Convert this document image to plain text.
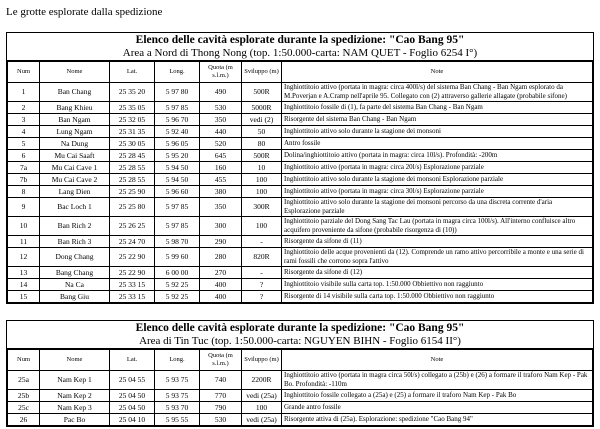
Le grotte esplorate dalla spedizione
Elenco delle cavità esplorate durante la spedizione: "Cao Bang 95"
Area a Nord di Thong Nong (top. 1:50.000-carta: NAM QUET - Foglio 6254 I°)
Num	Nome	Lat.	Long.	Quota (m s.l.m.)	Sviluppo (m)	Note
1	Ban Chang	25 35 20	5 97 80	490	500R	Inghiottitoio attivo (portata in magra: circa 400l/s) del sistema Ban Chang - Ban Ngam esplorato da M.Poverjan e A.Cramp nell'aprile 95. Collegato con (2) attraverso gallerie allagate (probabile sifone)
2	Bang Khieu	25 35 05	5 97 85	530	5000R	Inghiottitoio fossile di (1), fa parte del sistema Ban Chang - Ban Ngam
3	Ban Ngam	25 32 05	5 96 70	350	vedi (2)	Risorgente del sistema Ban Chang - Ban Ngam
4	Lung Ngam	25 31 35	5 92 40	440	50	Inghiottitoio attivo solo durante la stagione dei monsoni
5	Na Dung	25 30 05	5 96 05	520	80	Antro fossile
6	Mu Cai Saaft	25 28 45	5 95 20	645	500R	Dolina/inghiottitoio attivo (portata in magra: circa 10l/s). Profondità: -200m
7a	Mu Cai Cave 1	25 28 55	5 94 50	160	10	Inghiottitoio attivo (portata in magra: circa 20l/s) Esplorazione parziale
7b	Mu Cai Cave 2	25 28 55	5 94 50	455	100	Inghiottitoio attivo solo durante la stagione dei monsoni Esplorazione parziale
8	Lang Dien	25 25 90	5 96 60	380	100	Inghiottitoio attivo (portata in magra: circa 30l/s) Esplorazione parziale
9	Bac Loch 1	25 25 80	5 97 85	350	300R	Inghiottitoio attivo solo durante la stagione dei monsoni percorso da una discreta corrente d'aria Esplorazione parziale
10	Ban Rich 2	25 26 25	5 97 85	300	100	Inghiottitoio parziale del Dong Sang Tac Lau (portata in magra circa 100l/s). All'interno confluisce altro acquifero proveniente da sifone (probabile risorgenza di (10))
11	Ban Rich 3	25 24 70	5 98 70	290	-	Risorgente da sifone di (11)
12	Dong Chang	25 22 90	5 99 60	280	820R	Inghiottitoio delle acque provenienti da (12). Comprende un ramo attivo percorribile a monte e una serie di rami fossili che corrono sopra l'attivo
13	Bang Chang	25 22 90	6 00 00	270	-	Risorgente da sifone di (12)
14	Na Ca	25 33 15	5 92 25	400	?	Inghiottitoio visibile sulla carta top. 1:50.000 Obbiettivo non raggiunto
15	Bang Giu	25 33 15	5 92 25	400	?	Risorgente di 14 visibile sulla carta top. 1:50.000 Obbiettivo non raggiunto
Elenco delle cavità esplorate durante la spedizione: "Cao Bang 95"
Area di Tin Tuc (top. 1:50.000-carta: NGUYEN BIHN - Foglio 6154 II°)
Num	Nome	Lat.	Long.	Quota (m s.l.m.)	Sviluppo (m)	Note
25a	Nam Kep 1	25 04 55	5 93 75	740	2200R	Inghiottitoio attivo (portata in magra circa 50l/s) collegato a (25b) e (26) a formare il traforo Nam Kep - Pak Bo. Profondità: -110m
25b	Nam Kep 2	25 04 50	5 93 75	770	vedi (25a)	Inghiottitoio fossile collegato a (25a) e (25) a formare il traforo Nam Kep - Pak Bo
25c	Nam Kep 3	25 04 50	5 93 70	790	100	Grande antro fossile
26	Pac Bo	25 04 10	5 95 55	530	vedi (25a)	Risorgente attiva di (25a). Esplorazione: spedizione "Cao Bang 94"
